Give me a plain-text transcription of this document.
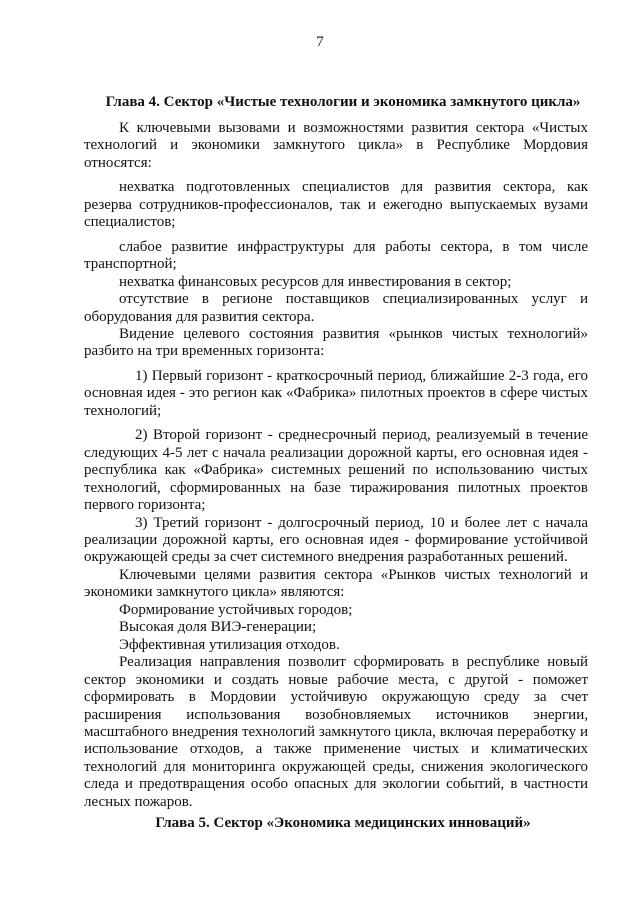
7
Глава 4. Сектор «Чистые технологии и экономика замкнутого цикла»

К ключевыми вызовами и возможностями развития сектора «Чистых технологий и экономики замкнутого цикла» в Республике Мордовия относятся:

нехватка подготовленных специалистов для развития сектора, как резерва сотрудников-профессионалов, так и ежегодно выпускаемых вузами специалистов;

слабое развитие инфраструктуры для работы сектора, в том числе транспортной;

нехватка финансовых ресурсов для инвестирования в сектор;

отсутствие в регионе поставщиков специализированных услуг и оборудования для развития сектора.

Видение целевого состояния развития «рынков чистых технологий» разбито на три временных горизонта:

1) Первый горизонт - краткосрочный период, ближайшие 2-3 года, его основная идея - это регион как «Фабрика» пилотных проектов в сфере чистых технологий;

2) Второй горизонт - среднесрочный период, реализуемый в течение следующих 4-5 лет с начала реализации дорожной карты, его основная идея - республика как «Фабрика» системных решений по использованию чистых технологий, сформированных на базе тиражирования пилотных проектов первого горизонта;

3) Третий горизонт - долгосрочный период, 10 и более лет с начала реализации дорожной карты, его основная идея - формирование устойчивой окружающей среды за счет системного внедрения разработанных решений.

Ключевыми целями развития сектора «Рынков чистых технологий и экономики замкнутого цикла» являются:

Формирование устойчивых городов;

Высокая доля ВИЭ-генерации;

Эффективная утилизация отходов.

Реализация направления позволит сформировать в республике новый сектор экономики и создать новые рабочие места, с другой - поможет сформировать в Мордовии устойчивую окружающую среду за счет расширения использования возобновляемых источников энергии, масштабного внедрения технологий замкнутого цикла, включая переработку и использование отходов, а также применение чистых и климатических технологий для мониторинга окружающей среды, снижения экологического следа и предотвращения особо опасных для экологии событий, в частности лесных пожаров.

Глава 5. Сектор «Экономика медицинских инноваций»
